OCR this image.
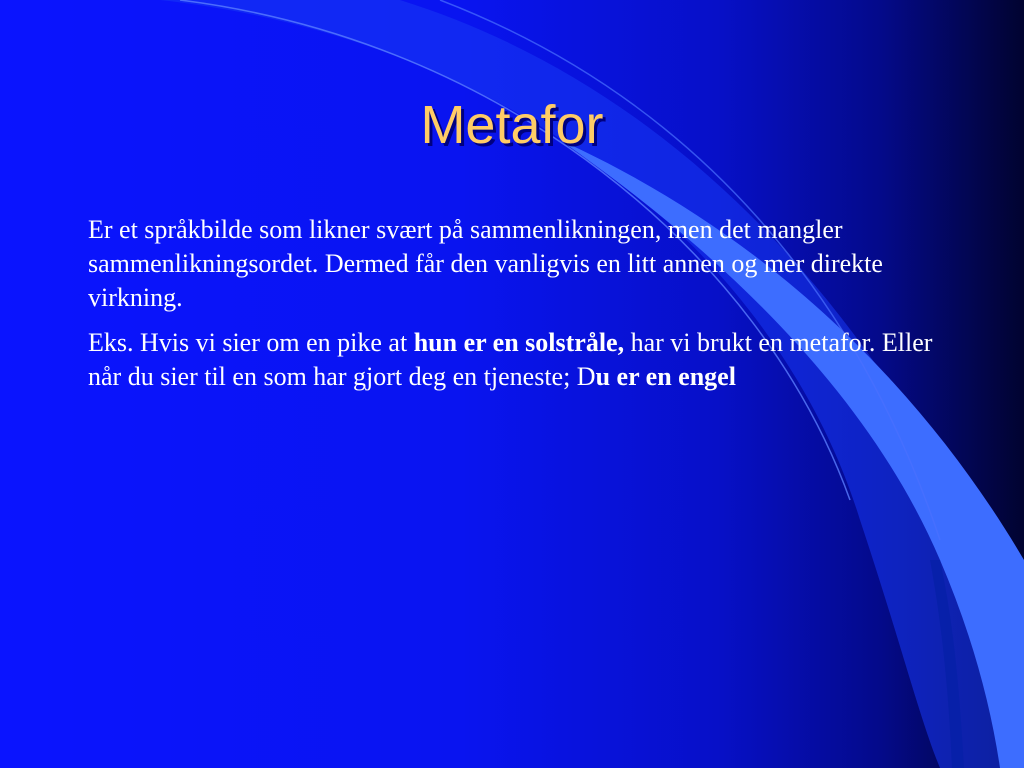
Metafor

Er et språkbilde som likner svært på sammenlikningen, men det mangler sammenlikningsordet. Dermed får den vanligvis en litt annen og mer direkte virkning.

Eks. Hvis vi sier om en pike at hun er en solstråle, har vi brukt en metafor. Eller når du sier til en som har gjort deg en tjeneste; Du er en engel
